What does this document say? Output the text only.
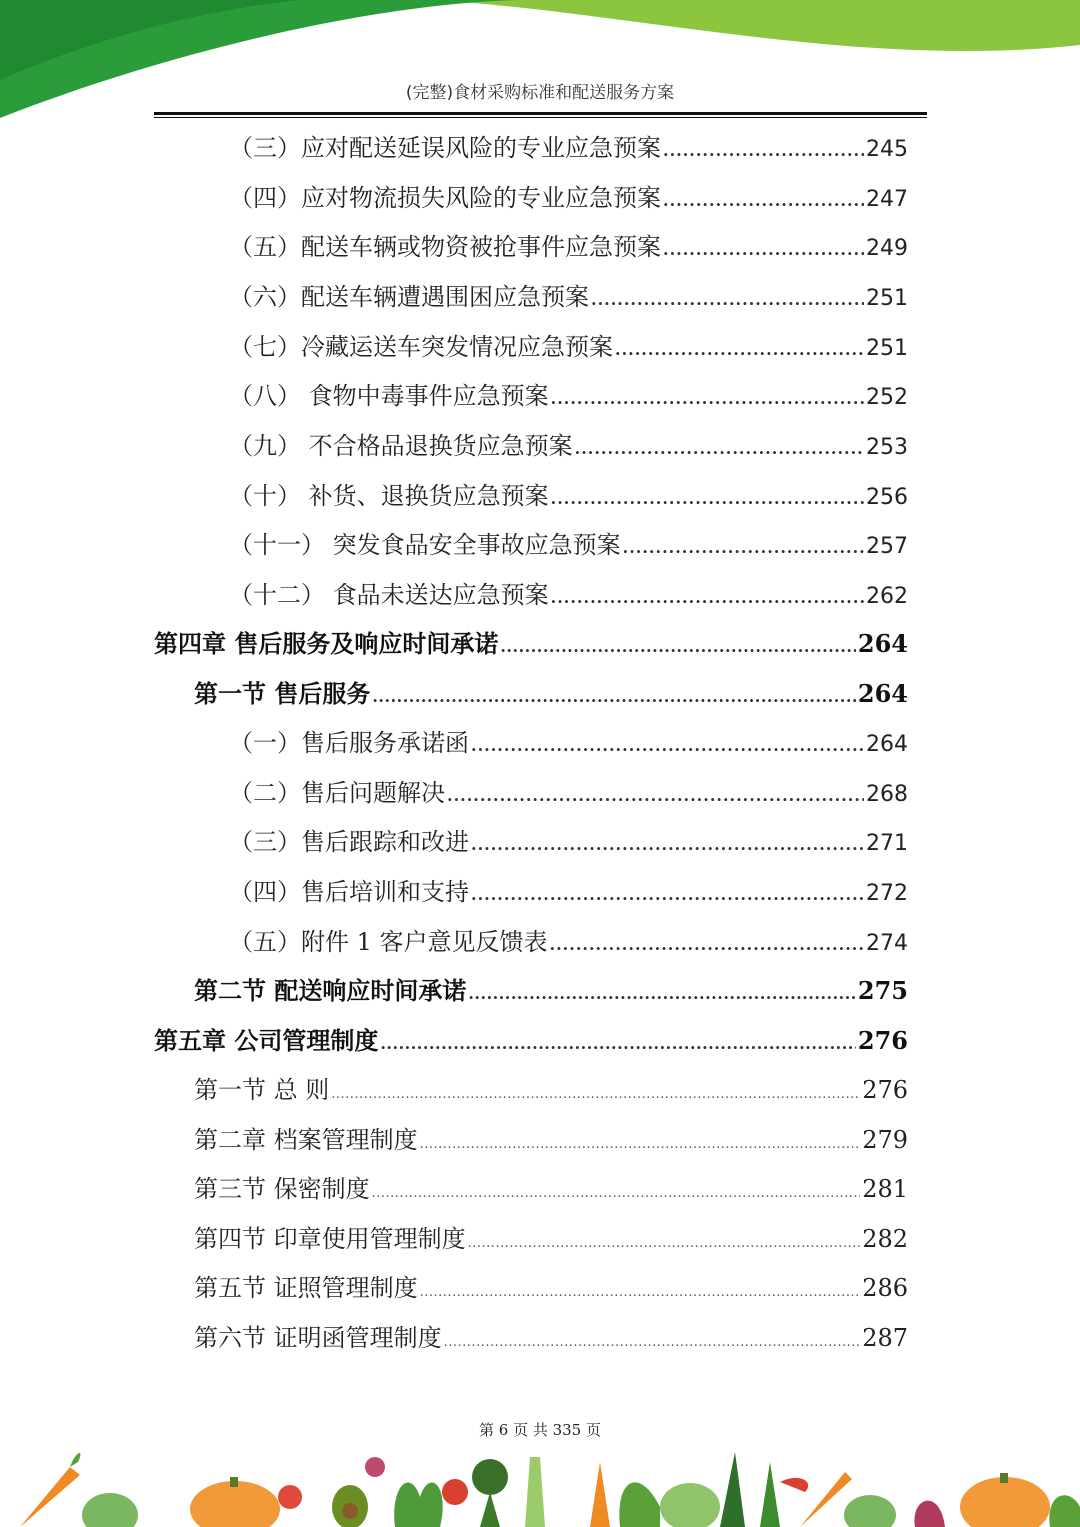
(完整)食材采购标准和配送服务方案
（三）应对配送延误风险的专业应急预案 .....	245
（四）应对物流损失风险的专业应急预案 .....	247
（五）配送车辆或物资被抢事件应急预案 .....	249
（六）配送车辆遭遇围困应急预案 .....	251
（七）冷藏运送车突发情况应急预案 .....	251
（八） 食物中毒事件应急预案 .....	252
（九） 不合格品退换货应急预案 .....	253
（十） 补货、退换货应急预案 .....	256
（十一） 突发食品安全事故应急预案 .....	257
（十二） 食品未送达应急预案 .....	262
第四章 售后服务及响应时间承诺 .....	264
第一节 售后服务 .....	264
（一）售后服务承诺函 .....	264
（二）售后问题解决 .....	268
（三）售后跟踪和改进 .....	271
（四）售后培训和支持 .....	272
（五）附件 1 客户意见反馈表 .....	274
第二节 配送响应时间承诺 .....	275
第五章 公司管理制度 .....	276
第一节 总 则 .....	276
第二章 档案管理制度 .....	279
第三节 保密制度 .....	281
第四节 印章使用管理制度 .....	282
第五节 证照管理制度 .....	286
第六节 证明函管理制度 .....	287
第 6 页 共 335 页
